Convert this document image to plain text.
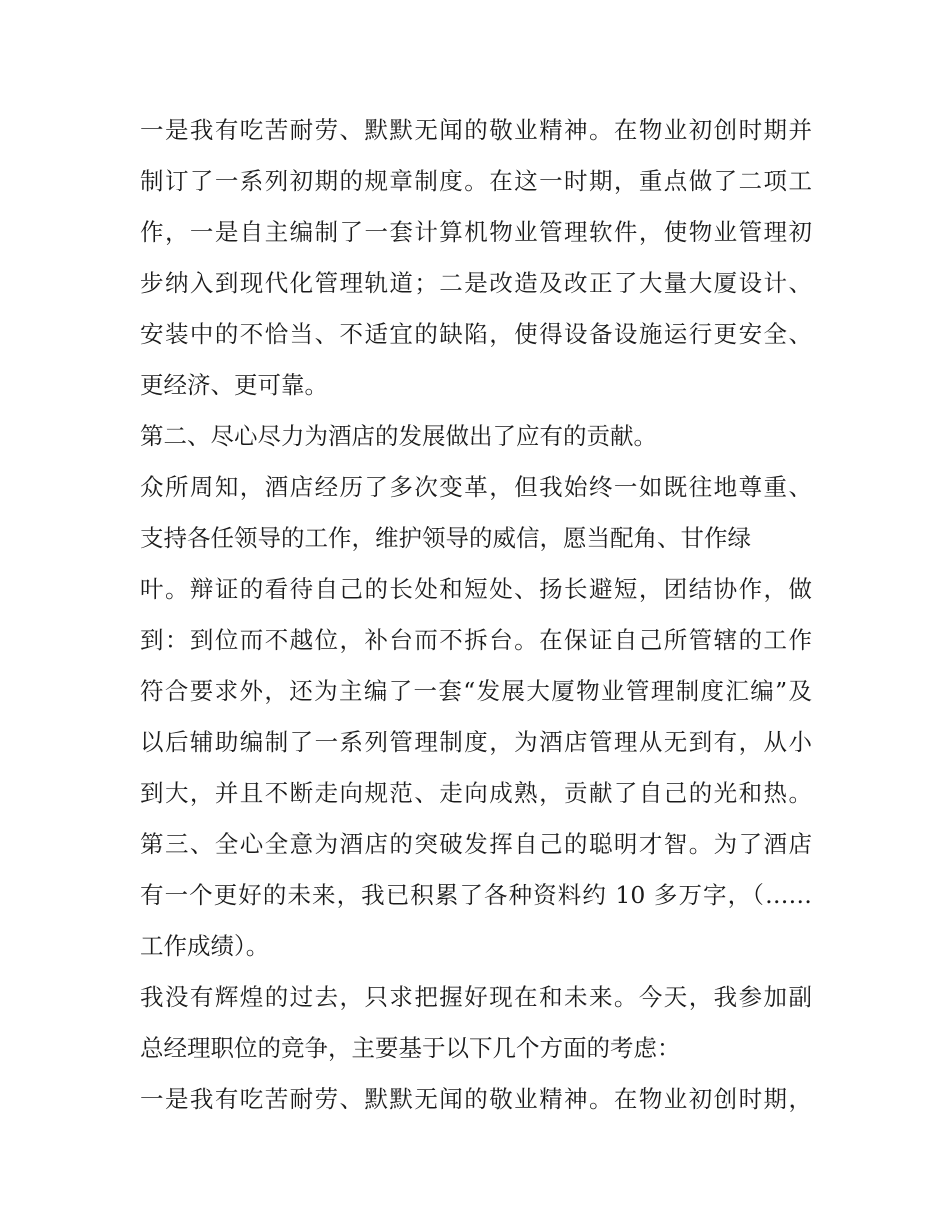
一是我有吃苦耐劳、默默无闻的敬业精神。在物业初创时期并
制订了一系列初期的规章制度。在这一时期，重点做了二项工
作，一是自主编制了一套计算机物业管理软件，使物业管理初
步纳入到现代化管理轨道；二是改造及改正了大量大厦设计、
安装中的不恰当、不适宜的缺陷，使得设备设施运行更安全、
更经济、更可靠。
第二、尽心尽力为酒店的发展做出了应有的贡献。
众所周知，酒店经历了多次变革，但我始终一如既往地尊重、
支持各任领导的工作，维护领导的威信，愿当配角、甘作绿
叶。辩证的看待自己的长处和短处、扬长避短，团结协作，做
到：到位而不越位，补台而不拆台。在保证自己所管辖的工作
符合要求外，还为主编了一套“发展大厦物业管理制度汇编”及
以后辅助编制了一系列管理制度，为酒店管理从无到有，从小
到大，并且不断走向规范、走向成熟，贡献了自己的光和热。
第三、全心全意为酒店的突破发挥自己的聪明才智。为了酒店
有一个更好的未来，我已积累了各种资料约 10 多万字，（……
工作成绩）。
我没有辉煌的过去，只求把握好现在和未来。今天，我参加副
总经理职位的竞争，主要基于以下几个方面的考虑：
一是我有吃苦耐劳、默默无闻的敬业精神。在物业初创时期，
